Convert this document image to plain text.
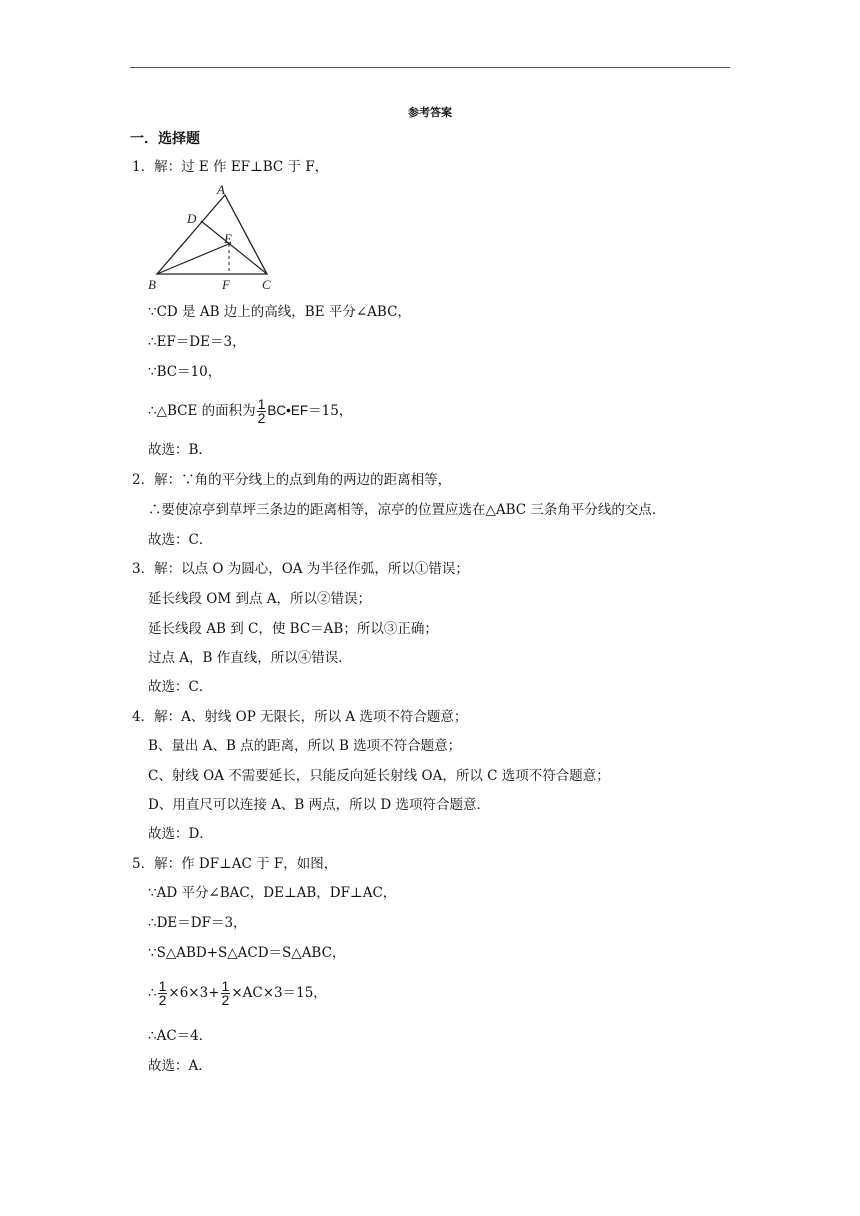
参考答案
一．选择题
1．解：过 E 作 EF⊥BC 于 F，
A
D
E
B	F C
∵CD 是 AB 边上的高线，BE 平分∠ABC，
∴EF＝DE＝3，
∵BC＝10，
∴△BCE 的面积为 $\frac{1}{2}$ BC•EF＝15，
故选：B．
2．解：∵角的平分线上的点到角的两边的距离相等，
∴要使凉亭到草坪三条边的距离相等，凉亭的位置应选在△ABC 三条角平分线的交点．
故选：C．
3．解：以点 O 为圆心，OA 为半径作弧，所以①错误；
延长线段 OM 到点 A，所以②错误；
延长线段 AB 到 C，使 BC＝AB；所以③正确；
过点 A，B 作直线，所以④错误．
故选：C．
4．解：A、射线 OP 无限长，所以 A 选项不符合题意；
B、量出 A、B 点的距离，所以 B 选项不符合题意；
C、射线 OA 不需要延长，只能反向延长射线 OA，所以 C 选项不符合题意；
D、用直尺可以连接 A、B 两点，所以 D 选项符合题意．
故选：D．
5．解：作 DF⊥AC 于 F，如图，
∵AD 平分∠BAC，DE⊥AB，DF⊥AC，
∴DE＝DF＝3，
∵S△ABD+S△ACD＝S△ABC，
∴ $\frac{1}{2} \times 6\times 3+ \frac{1}{2} \times AC\times 3=15$，
∴AC＝4．
故选：A．
